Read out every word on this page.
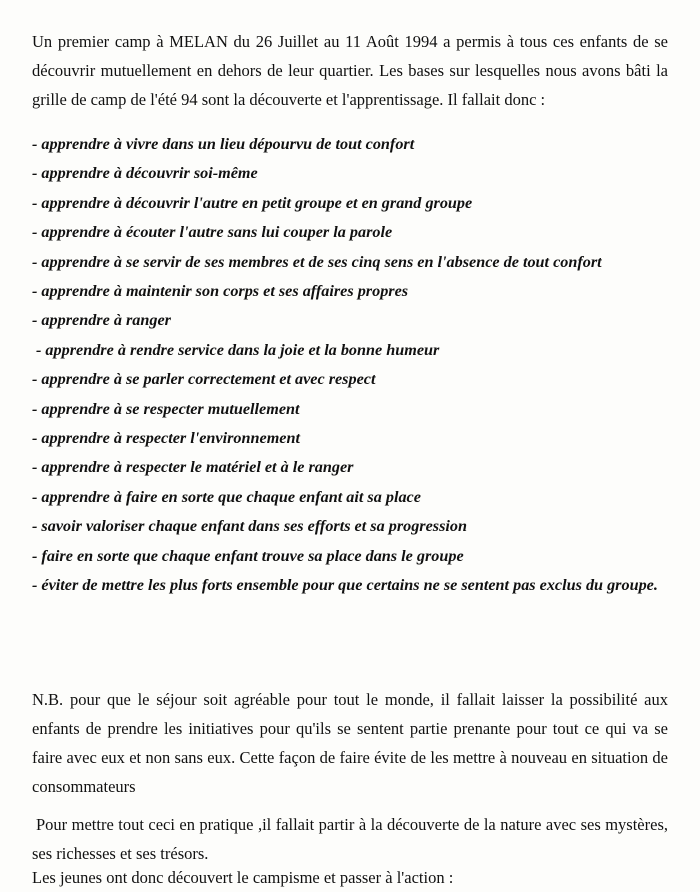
Un premier camp à MELAN du 26 Juillet au 11 Août 1994 a permis à tous ces enfants de se découvrir mutuellement en dehors de leur quartier. Les bases sur lesquelles nous avons bâti la grille de camp de l'été 94 sont la découverte et l'apprentissage. Il fallait donc :

- apprendre à vivre dans un lieu dépourvu de tout confort
- apprendre à découvrir soi-même
- apprendre à découvrir l'autre en petit groupe et en grand groupe
- apprendre à écouter l'autre sans lui couper la parole
- apprendre à se servir de ses membres et de ses cinq sens en l'absence de tout confort
- apprendre à maintenir son corps et ses affaires propres
- apprendre à ranger
- apprendre à rendre service dans la joie et la bonne humeur
- apprendre à se parler correctement et avec respect
- apprendre à se respecter mutuellement
- apprendre à respecter l'environnement
- apprendre à respecter le matériel et à le ranger
- apprendre à faire en sorte que chaque enfant ait sa place
- savoir valoriser chaque enfant dans ses efforts et sa progression
- faire en sorte que chaque enfant trouve sa place dans le groupe
- éviter de mettre les plus forts ensemble pour que certains ne se sentent pas exclus du groupe.

N.B. pour que le séjour soit agréable pour tout le monde, il fallait laisser la possibilité aux enfants de prendre les initiatives pour qu'ils se sentent partie prenante pour tout ce qui va se faire avec eux et non sans eux. Cette façon de faire évite de les mettre à nouveau en situation de consommateurs

Pour mettre tout ceci en pratique ,il fallait partir à la découverte de la nature avec ses mystères, ses richesses et ses trésors.

Les jeunes ont donc découvert le campisme et passer à l'action :
